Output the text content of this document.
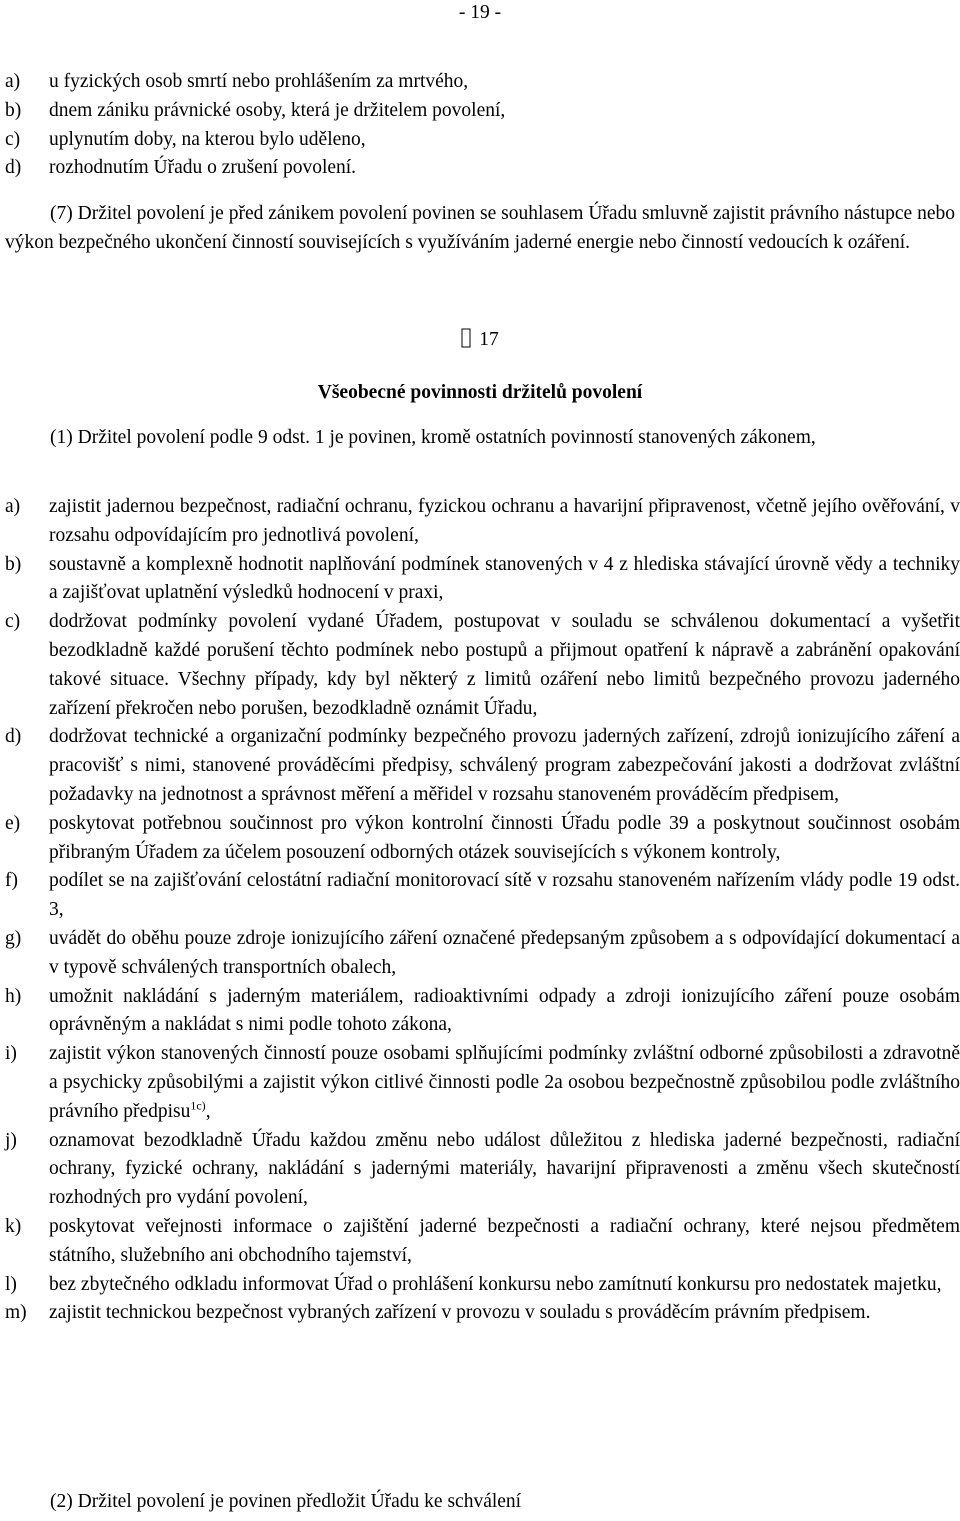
- 19 -
a) u fyzických osob smrtí nebo prohlášením za mrtvého,
b) dnem zániku právnické osoby, která je držitelem povolení,
c) uplynutím doby, na kterou bylo uděleno,
d) rozhodnutím Úřadu o zrušení povolení.
(7) Držitel povolení je před zánikem povolení povinen se souhlasem Úřadu smluvně zajistit právního nástupce nebo výkon bezpečného ukončení činností souvisejících s využíváním jaderné energie nebo činností vedoucích k ozáření.
17
Všeobecné povinnosti držitelů povolení
(1) Držitel povolení podle 9 odst. 1 je povinen, kromě ostatních povinností stanovených zákonem,
a) zajistit jadernou bezpečnost, radiační ochranu, fyzickou ochranu a havarijní připravenost, včetně jejího ověřování, v rozsahu odpovídajícím pro jednotlivá povolení,
b) soustavně a komplexně hodnotit naplňování podmínek stanovených v 4 z hlediska stávající úrovně vědy a techniky a zajišťovat uplatnění výsledků hodnocení v praxi,
c) dodržovat podmínky povolení vydané Úřadem, postupovat v souladu se schválenou dokumentací a vyšetřit bezodkladně každé porušení těchto podmínek nebo postupů a přijmout opatření k nápravě a zabránění opakování takové situace. Všechny případy, kdy byl některý z limitů ozáření nebo limitů bezpečného provozu jaderného zařízení překročen nebo porušen, bezodkladně oznámit Úřadu,
d) dodržovat technické a organizační podmínky bezpečného provozu jaderných zařízení, zdrojů ionizujícího záření a pracovišť s nimi, stanovené prováděcími předpisy, schválený program zabezpečování jakosti a dodržovat zvláštní požadavky na jednotnost a správnost měření a měřidel v rozsahu stanoveném prováděcím předpisem,
e) poskytovat potřebnou součinnost pro výkon kontrolní činnosti Úřadu podle 39 a poskytnout součinnost osobám přibraným Úřadem za účelem posouzení odborných otázek souvisejících s výkonem kontroly,
f) podílet se na zajišťování celostátní radiační monitorovací sítě v rozsahu stanoveném nařízením vlády podle 19 odst. 3,
g) uvádět do oběhu pouze zdroje ionizujícího záření označené předepsaným způsobem a s odpovídající dokumentací a v typově schválených transportních obalech,
h) umožnit nakládání s jaderným materiálem, radioaktivními odpady a zdroji ionizujícího záření pouze osobám oprávněným a nakládat s nimi podle tohoto zákona,
i) zajistit výkon stanovených činností pouze osobami splňujícími podmínky zvláštní odborné způsobilosti a zdravotně a psychicky způsobilými a zajistit výkon citlivé činnosti podle 2a osobou bezpečnostně způsobilou podle zvláštního právního předpisu$^{1c)}$,
j) oznamovat bezodkladně Úřadu každou změnu nebo událost důležitou z hlediska jaderné bezpečnosti, radiační ochrany, fyzické ochrany, nakládání s jadernými materiály, havarijní připravenosti a změnu všech skutečností rozhodných pro vydání povolení,
k) poskytovat veřejnosti informace o zajištění jaderné bezpečnosti a radiační ochrany, které nejsou předmětem státního, služebního ani obchodního tajemství,
l) bez zbytečného odkladu informovat Úřad o prohlášení konkursu nebo zamítnutí konkursu pro nedostatek majetku,
m) zajistit technickou bezpečnost vybraných zařízení v provozu v souladu s prováděcím právním předpisem.
(2) Držitel povolení je povinen předložit Úřadu ke schválení
